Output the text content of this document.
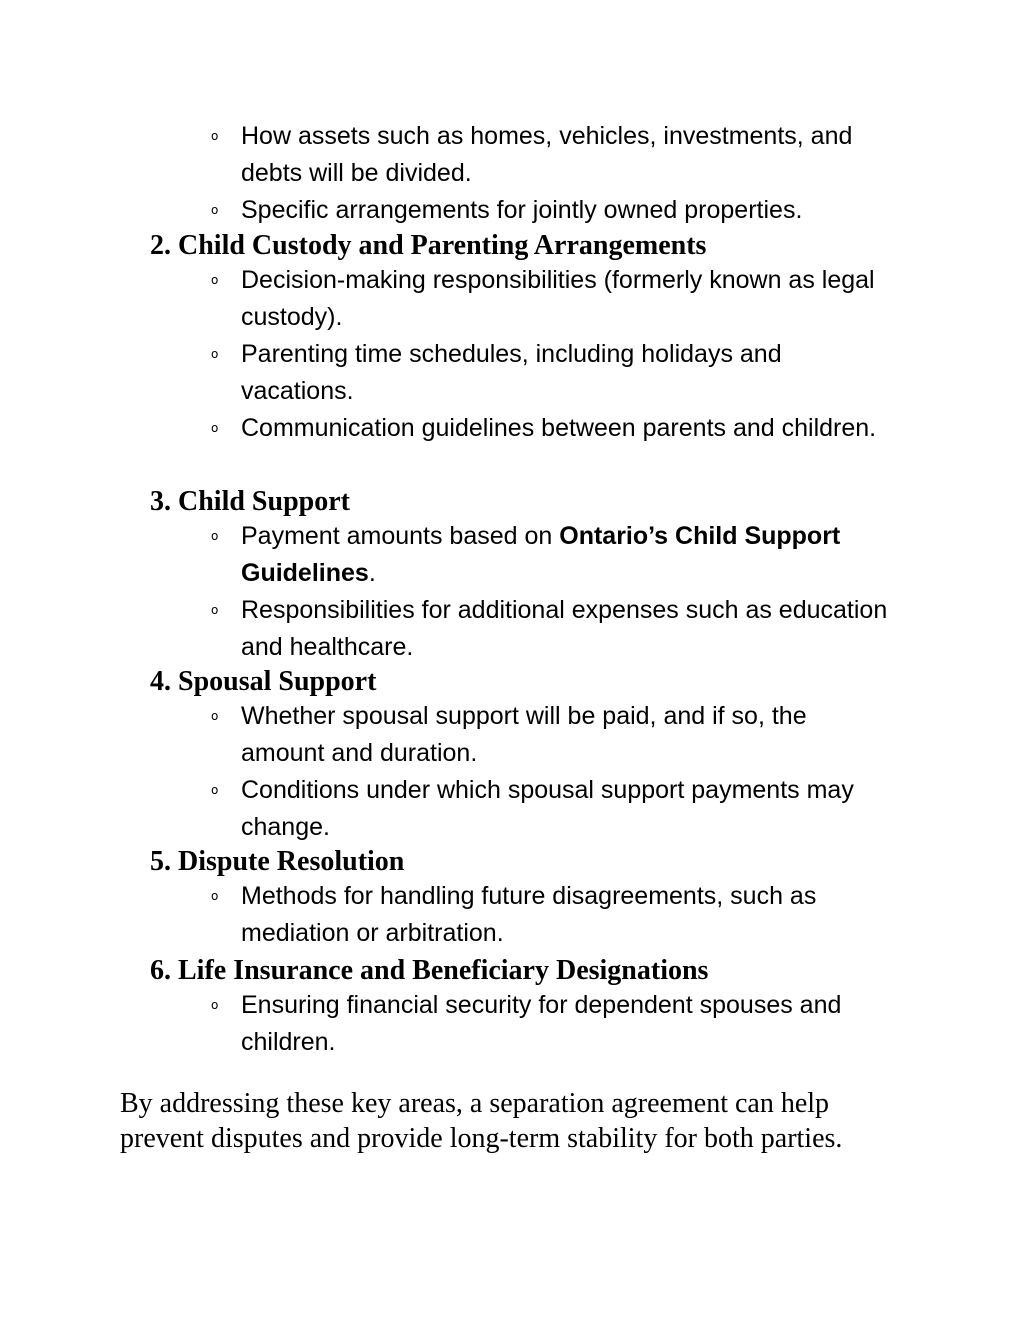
o How assets such as homes, vehicles, investments, and debts will be divided.
o Specific arrangements for jointly owned properties.
2. Child Custody and Parenting Arrangements
o Decision-making responsibilities (formerly known as legal custody).
o Parenting time schedules, including holidays and vacations.
o Communication guidelines between parents and children.
3. Child Support
o Payment amounts based on Ontario’s Child Support Guidelines.
o Responsibilities for additional expenses such as education and healthcare.
4. Spousal Support
o Whether spousal support will be paid, and if so, the amount and duration.
o Conditions under which spousal support payments may change.
5. Dispute Resolution
o Methods for handling future disagreements, such as mediation or arbitration.
6. Life Insurance and Beneficiary Designations
o Ensuring financial security for dependent spouses and children.

By addressing these key areas, a separation agreement can help prevent disputes and provide long-term stability for both parties.
